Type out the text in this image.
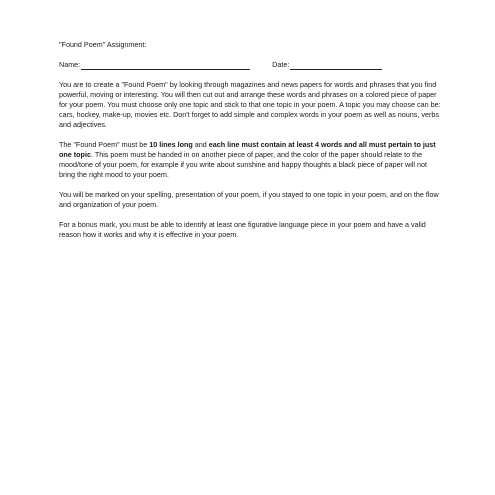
"Found Poem" Assignment:
Name:	Date:

You are to create a "Found Poem" by looking through magazines and news papers for words and phrases that you find powerful, moving or interesting. You will then cut out and arrange these words and phrases on a colored piece of paper for your poem. You must choose only one topic and stick to that one topic in your poem. A topic you may choose can be: cars, hockey, make-up, movies etc. Don't forget to add simple and complex words in your poem as well as nouns, verbs and adjectives.

The "Found Poem" must be 10 lines long and each line must contain at least 4 words and all must pertain to just one topic. This poem must be handed in on another piece of paper, and the color of the paper should relate to the mood/tone of your poem, for example if you write about sunshine and happy thoughts a black piece of paper will not bring the right mood to your poem.

You will be marked on your spelling, presentation of your poem, if you stayed to one topic in your poem, and on the flow and organization of your poem.

For a bonus mark, you must be able to identify at least one figurative language piece in your poem and have a valid reason how it works and why it is effective in your poem.
